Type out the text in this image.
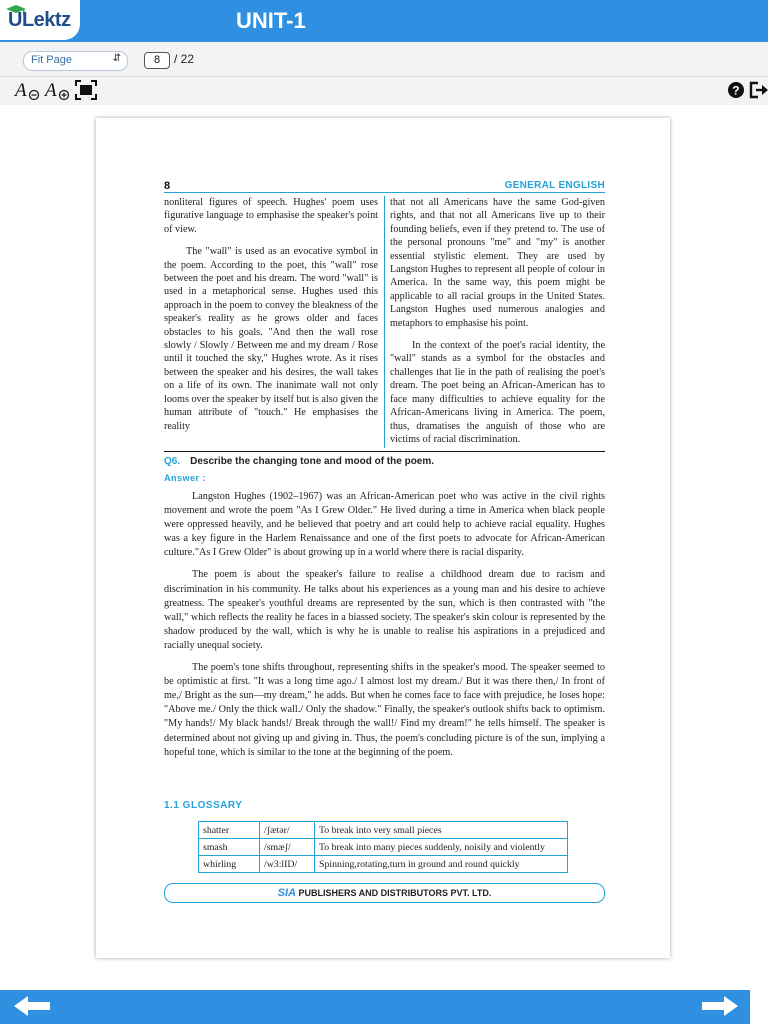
ULektz	UNIT-1
Fit Page	⇵	8	/ 22
A A	?
8	GENERAL ENGLISH

nonliteral figures of speech. Hughes' poem uses figurative language to emphasise the speaker's point of view.

The "wall" is used as an evocative symbol in the poem. According to the poet, this "wall" rose between the poet and his dream. The word "wall" is used in a metaphorical sense. Hughes used this approach in the poem to convey the bleakness of the speaker's reality as he grows older and faces obstacles to his goals. "And then the wall rose slowly / Slowly / Between me and my dream / Rose until it touched the sky," Hughes wrote. As it rises between the speaker and his desires, the wall takes on a life of its own. The inanimate wall not only looms over the speaker by itself but is also given the human attribute of "touch." He emphasises the reality

that not all Americans have the same God-given rights, and that not all Americans live up to their founding beliefs, even if they pretend to. The use of the personal pronouns "me" and "my" is another essential stylistic element. They are used by Langston Hughes to represent all people of colour in America. In the same way, this poem might be applicable to all racial groups in the United States. Langston Hughes used numerous analogies and metaphors to emphasise his point.

In the context of the poet's racial identity, the "wall" stands as a symbol for the obstacles and challenges that lie in the path of realising the poet's dream. The poet being an African-American has to face many difficulties to achieve equality for the African-Americans living in America. The poem, thus, dramatises the anguish of those who are victims of racial discrimination.

Q6. Describe the changing tone and mood of the poem.
Answer :

Langston Hughes (1902–1967) was an African-American poet who was active in the civil rights movement and wrote the poem "As I Grew Older." He lived during a time in America when black people were oppressed heavily, and he believed that poetry and art could help to achieve racial equality. Hughes was a key figure in the Harlem Renaissance and one of the first poets to advocate for African-American culture."As I Grew Older" is about growing up in a world where there is racial disparity.

The poem is about the speaker's failure to realise a childhood dream due to racism and discrimination in his community. He talks about his experiences as a young man and his desire to achieve greatness. The speaker's youthful dreams are represented by the sun, which is then contrasted with "the wall," which reflects the reality he faces in a biassed society. The speaker's skin colour is represented by the shadow produced by the wall, which is why he is unable to realise his aspirations in a prejudiced and racially unequal society.

The poem's tone shifts throughout, representing shifts in the speaker's mood. The speaker seemed to be optimistic at first. "It was a long time ago./ I almost lost my dream./ But it was there then,/ In front of me,/ Bright as the sun—my dream," he adds. But when he comes face to face with prejudice, he loses hope: "Above me./ Only the thick wall./ Only the shadow." Finally, the speaker's outlook shifts back to optimism. "My hands!/ My black hands!/ Break through the wall!/ Find my dream!" he tells himself. The speaker is determined about not giving up and giving in. Thus, the poem's concluding picture is of the sun, implying a hopeful tone, which is similar to the tone at the beginning of the poem.

1.1 GLOSSARY
shatter	/ʃætər/	To break into very small pieces
smash	/smæʃ/	To break into many pieces suddenly, noisily and violently
whirling	/w3:lID/	Spinning,rotating,turn in ground and round quickly
SIA PUBLISHERS AND DISTRIBUTORS PVT. LTD.
